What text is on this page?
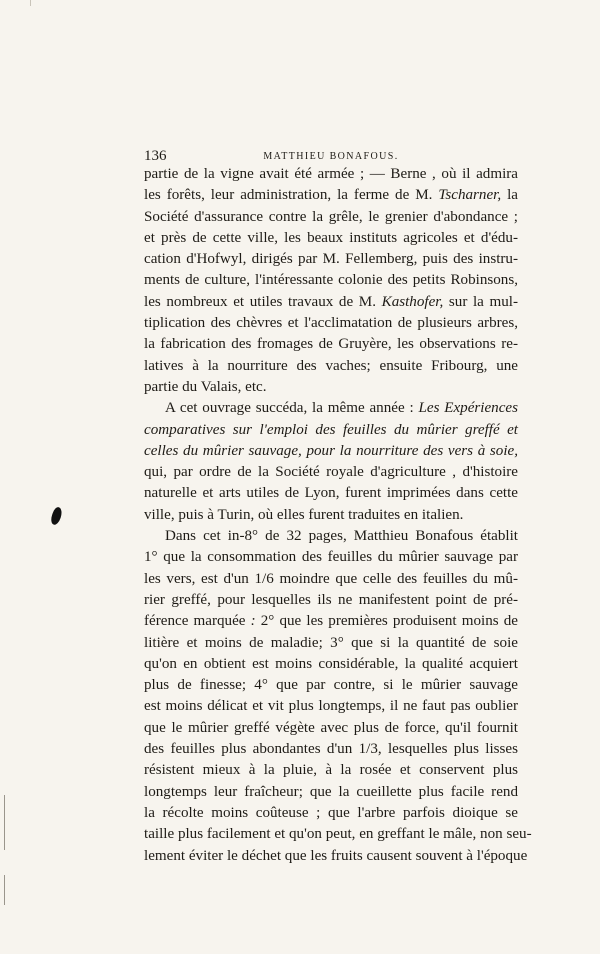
136	MATTHIEU BONAFOUS.
partie de la vigne avait été armée ; — Berne , où il admira
les forêts, leur administration, la ferme de M. Tscharner, la
Société d'assurance contre la grêle, le grenier d'abondance ;
et près de cette ville, les beaux instituts agricoles et d'édu-
cation d'Hofwyl, dirigés par M. Fellemberg, puis des instru-
ments de culture, l'intéressante colonie des petits Robinsons,
les nombreux et utiles travaux de M. Kasthofer, sur la mul-
tiplication des chèvres et l'acclimatation de plusieurs arbres,
la fabrication des fromages de Gruyère, les observations re-
latives à la nourriture des vaches; ensuite Fribourg, une
partie du Valais, etc.
A cet ouvrage succéda, la même année : Les Expériences
comparatives sur l'emploi des feuilles du mûrier greffé et
celles du mûrier sauvage, pour la nourriture des vers à soie,
qui, par ordre de la Société royale d'agriculture , d'histoire
naturelle et arts utiles de Lyon, furent imprimées dans cette
ville, puis à Turin, où elles furent traduites en italien.
Dans cet in-8° de 32 pages, Matthieu Bonafous établit
1° que la consommation des feuilles du mûrier sauvage par
les vers, est d'un 1/6 moindre que celle des feuilles du mû-
rier greffé, pour lesquelles ils ne manifestent point de pré-
férence marquée : 2° que les premières produisent moins de
litière et moins de maladie; 3° que si la quantité de soie
qu'on en obtient est moins considérable, la qualité acquiert
plus de finesse; 4° que par contre, si le mûrier sauvage
est moins délicat et vit plus longtemps, il ne faut pas oublier
que le mûrier greffé végète avec plus de force, qu'il fournit
des feuilles plus abondantes d'un 1/3, lesquelles plus lisses
résistent mieux à la pluie, à la rosée et conservent plus
longtemps leur fraîcheur; que la cueillette plus facile rend
la récolte moins coûteuse ; que l'arbre parfois dioique se
taille plus facilement et qu'on peut, en greffant le mâle, non seu-
lement éviter le déchet que les fruits causent souvent à l'époque
